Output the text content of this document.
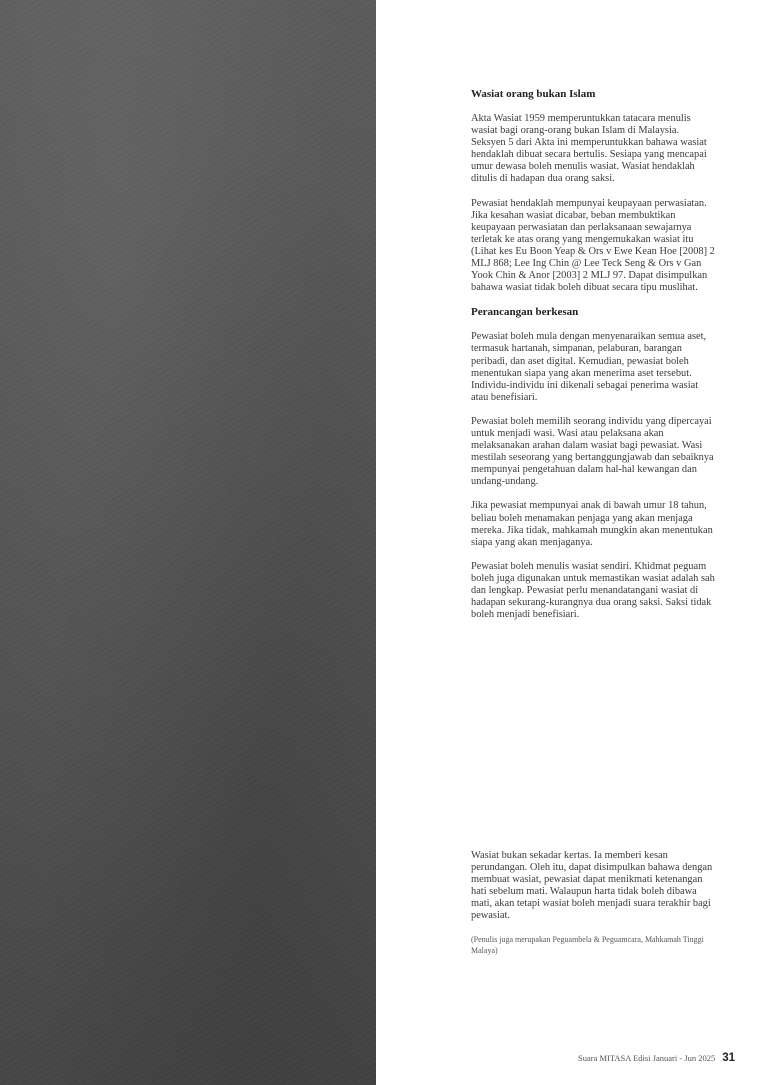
Wasiat orang bukan Islam

Akta Wasiat 1959 memperuntukkan tatacara menulis wasiat bagi orang-orang bukan Islam di Malaysia. Seksyen 5 dari Akta ini memperuntukkan bahawa wasiat hendaklah dibuat secara bertulis. Sesiapa yang mencapai umur dewasa boleh menulis wasiat. Wasiat hendaklah ditulis di hadapan dua orang saksi.

Pewasiat hendaklah mempunyai keupayaan perwasiatan. Jika kesahan wasiat dicabar, beban membuktikan keupayaan perwasiatan dan perlaksanaan sewajarnya terletak ke atas orang yang mengemukakan wasiat itu (Lihat kes Eu Boon Yeap & Ors v Ewe Kean Hoe [2008] 2 MLJ 868; Lee Ing Chin @ Lee Teck Seng & Ors v Gan Yook Chin & Anor [2003] 2 MLJ 97. Dapat disimpulkan bahawa wasiat tidak boleh dibuat secara tipu muslihat.

Perancangan berkesan

Pewasiat boleh mula dengan menyenaraikan semua aset, termasuk hartanah, simpanan, pelaburan, barangan peribadi, dan aset digital. Kemudian, pewasiat boleh menentukan siapa yang akan menerima aset tersebut. Individu-individu ini dikenali sebagai penerima wasiat atau benefisiari.

Pewasiat boleh memilih seorang individu yang dipercayai untuk menjadi wasi. Wasi atau pelaksana akan melaksanakan arahan dalam wasiat bagi pewasiat. Wasi mestilah seseorang yang bertanggungjawab dan sebaiknya mempunyai pengetahuan dalam hal-hal kewangan dan undang-undang.

Jika pewasiat mempunyai anak di bawah umur 18 tahun, beliau boleh menamakan penjaga yang akan menjaga mereka. Jika tidak, mahkamah mungkin akan menentukan siapa yang akan menjaganya.

Pewasiat boleh menulis wasiat sendiri. Khidmat peguam boleh juga digunakan untuk memastikan wasiat adalah sah dan lengkap. Pewasiat perlu menandatangani wasiat di hadapan sekurang-kurangnya dua orang saksi. Saksi tidak boleh menjadi benefisiari.

Wasiat bukan sekadar kertas. Ia memberi kesan perundangan. Oleh itu, dapat disimpulkan bahawa dengan membuat wasiat, pewasiat dapat menikmati ketenangan hati sebelum mati. Walaupun harta tidak boleh dibawa mati, akan tetapi wasiat boleh menjadi suara terakhir bagi pewasiat.

(Penulis juga merupakan Peguambela & Peguamcara, Mahkamah Tinggi Malaya)

Suara MITASA Edisi Januari - Jun 2025 31
